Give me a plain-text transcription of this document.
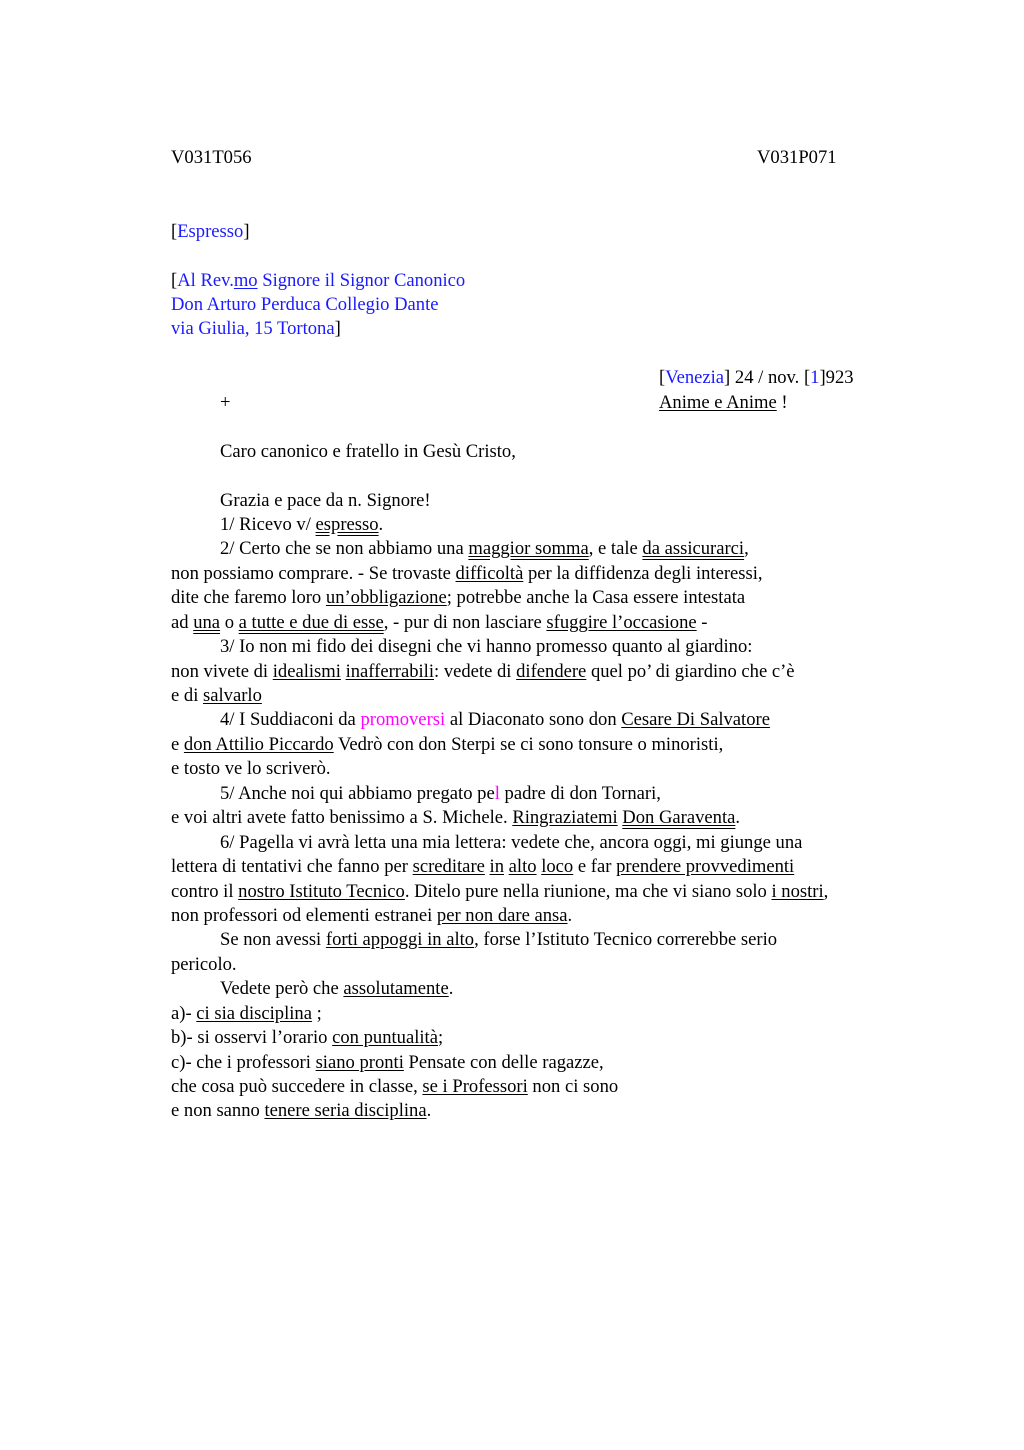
V031T056	V031P071
[Espresso]
[Al Rev.mo Signore il Signor Canonico
Don Arturo Perduca Collegio Dante
via Giulia, 15 Tortona]
[Venezia] 24 / nov. [1]923
+	Anime e Anime !
Caro canonico e fratello in Gesù Cristo,
Grazia e pace da n. Signore!
1/ Ricevo v/ espresso.
2/ Certo che se non abbiamo una maggior somma, e tale da assicurarci,
non possiamo comprare. - Se trovaste difficoltà per la diffidenza degli interessi,
dite che faremo loro un’obbligazione; potrebbe anche la Casa essere intestata
ad una o a tutte e due di esse, - pur di non lasciare sfuggire l’occasione -
3/ Io non mi fido dei disegni che vi hanno promesso quanto al giardino:
non vivete di idealismi inafferrabili: vedete di difendere quel po’ di giardino che c’è
e di salvarlo
4/ I Suddiaconi da promoversi al Diaconato sono don Cesare Di Salvatore
e don Attilio Piccardo Vedrò con don Sterpi se ci sono tonsure o minoristi,
e tosto ve lo scriverò.
5/ Anche noi qui abbiamo pregato pel padre di don Tornari,
e voi altri avete fatto benissimo a S. Michele. Ringraziatemi Don Garaventa.
6/ Pagella vi avrà letta una mia lettera: vedete che, ancora oggi, mi giunge una
lettera di tentativi che fanno per screditare in alto loco e far prendere provvedimenti
contro il nostro Istituto Tecnico. Ditelo pure nella riunione, ma che vi siano solo i nostri,
non professori od elementi estranei per non dare ansa.
Se non avessi forti appoggi in alto, forse l’Istituto Tecnico correrebbe serio
pericolo.
Vedete però che assolutamente.
a)- ci sia disciplina ;
b)- si osservi l’orario con puntualità;
c)- che i professori siano pronti Pensate con delle ragazze,
che cosa può succedere in classe, se i Professori non ci sono
e non sanno tenere seria disciplina.
